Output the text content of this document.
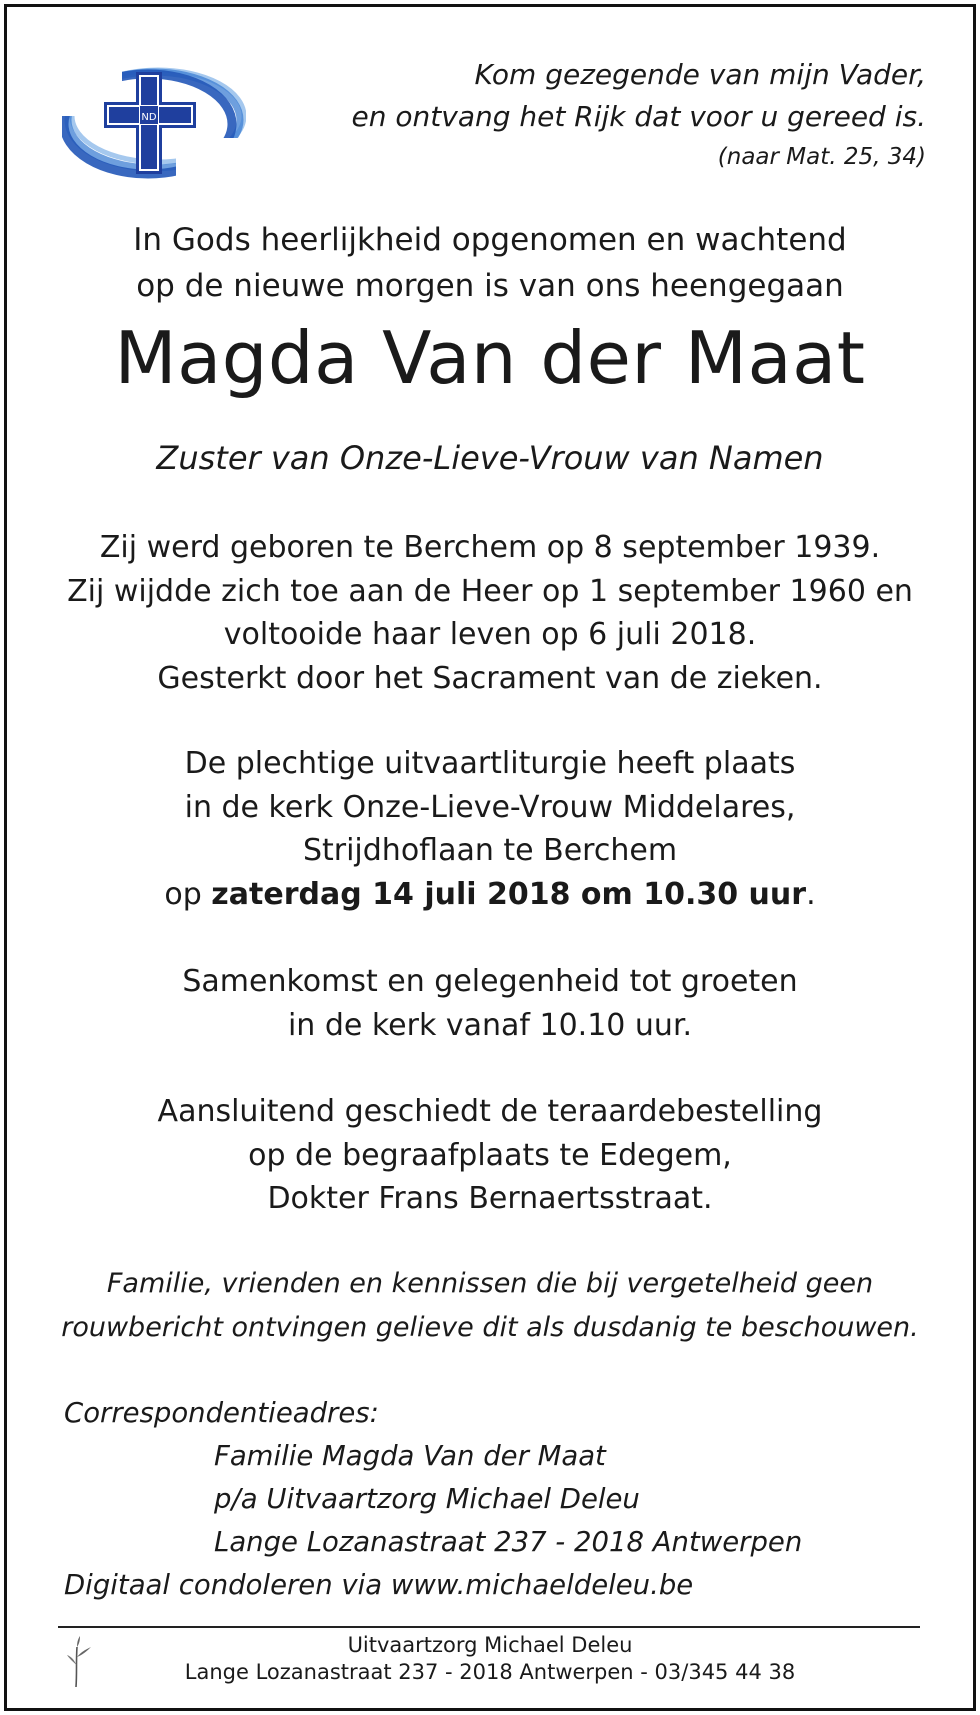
ND
Kom gezegende van mijn Vader,
en ontvang het Rijk dat voor u gereed is.
(naar Mat. 25, 34)
In Gods heerlijkheid opgenomen en wachtend
op de nieuwe morgen is van ons heengegaan
Magda Van der Maat
Zuster van Onze-Lieve-Vrouw van Namen
Zij werd geboren te Berchem op 8 september 1939.
Zij wijdde zich toe aan de Heer op 1 september 1960 en
voltooide haar leven op 6 juli 2018.
Gesterkt door het Sacrament van de zieken.
De plechtige uitvaartliturgie heeft plaats
in de kerk Onze-Lieve-Vrouw Middelares,
Strijdhoflaan te Berchem
op zaterdag 14 juli 2018 om 10.30 uur.
Samenkomst en gelegenheid tot groeten
in de kerk vanaf 10.10 uur.
Aansluitend geschiedt de teraardebestelling
op de begraafplaats te Edegem,
Dokter Frans Bernaertsstraat.
Familie, vrienden en kennissen die bij vergetelheid geen
rouwbericht ontvingen gelieve dit als dusdanig te beschouwen.
Correspondentieadres:
Familie Magda Van der Maat
p/a Uitvaartzorg Michael Deleu
Lange Lozanastraat 237 - 2018 Antwerpen
Digitaal condoleren via www.michaeldeleu.be
Uitvaartzorg Michael Deleu
Lange Lozanastraat 237 - 2018 Antwerpen - 03/345 44 38
